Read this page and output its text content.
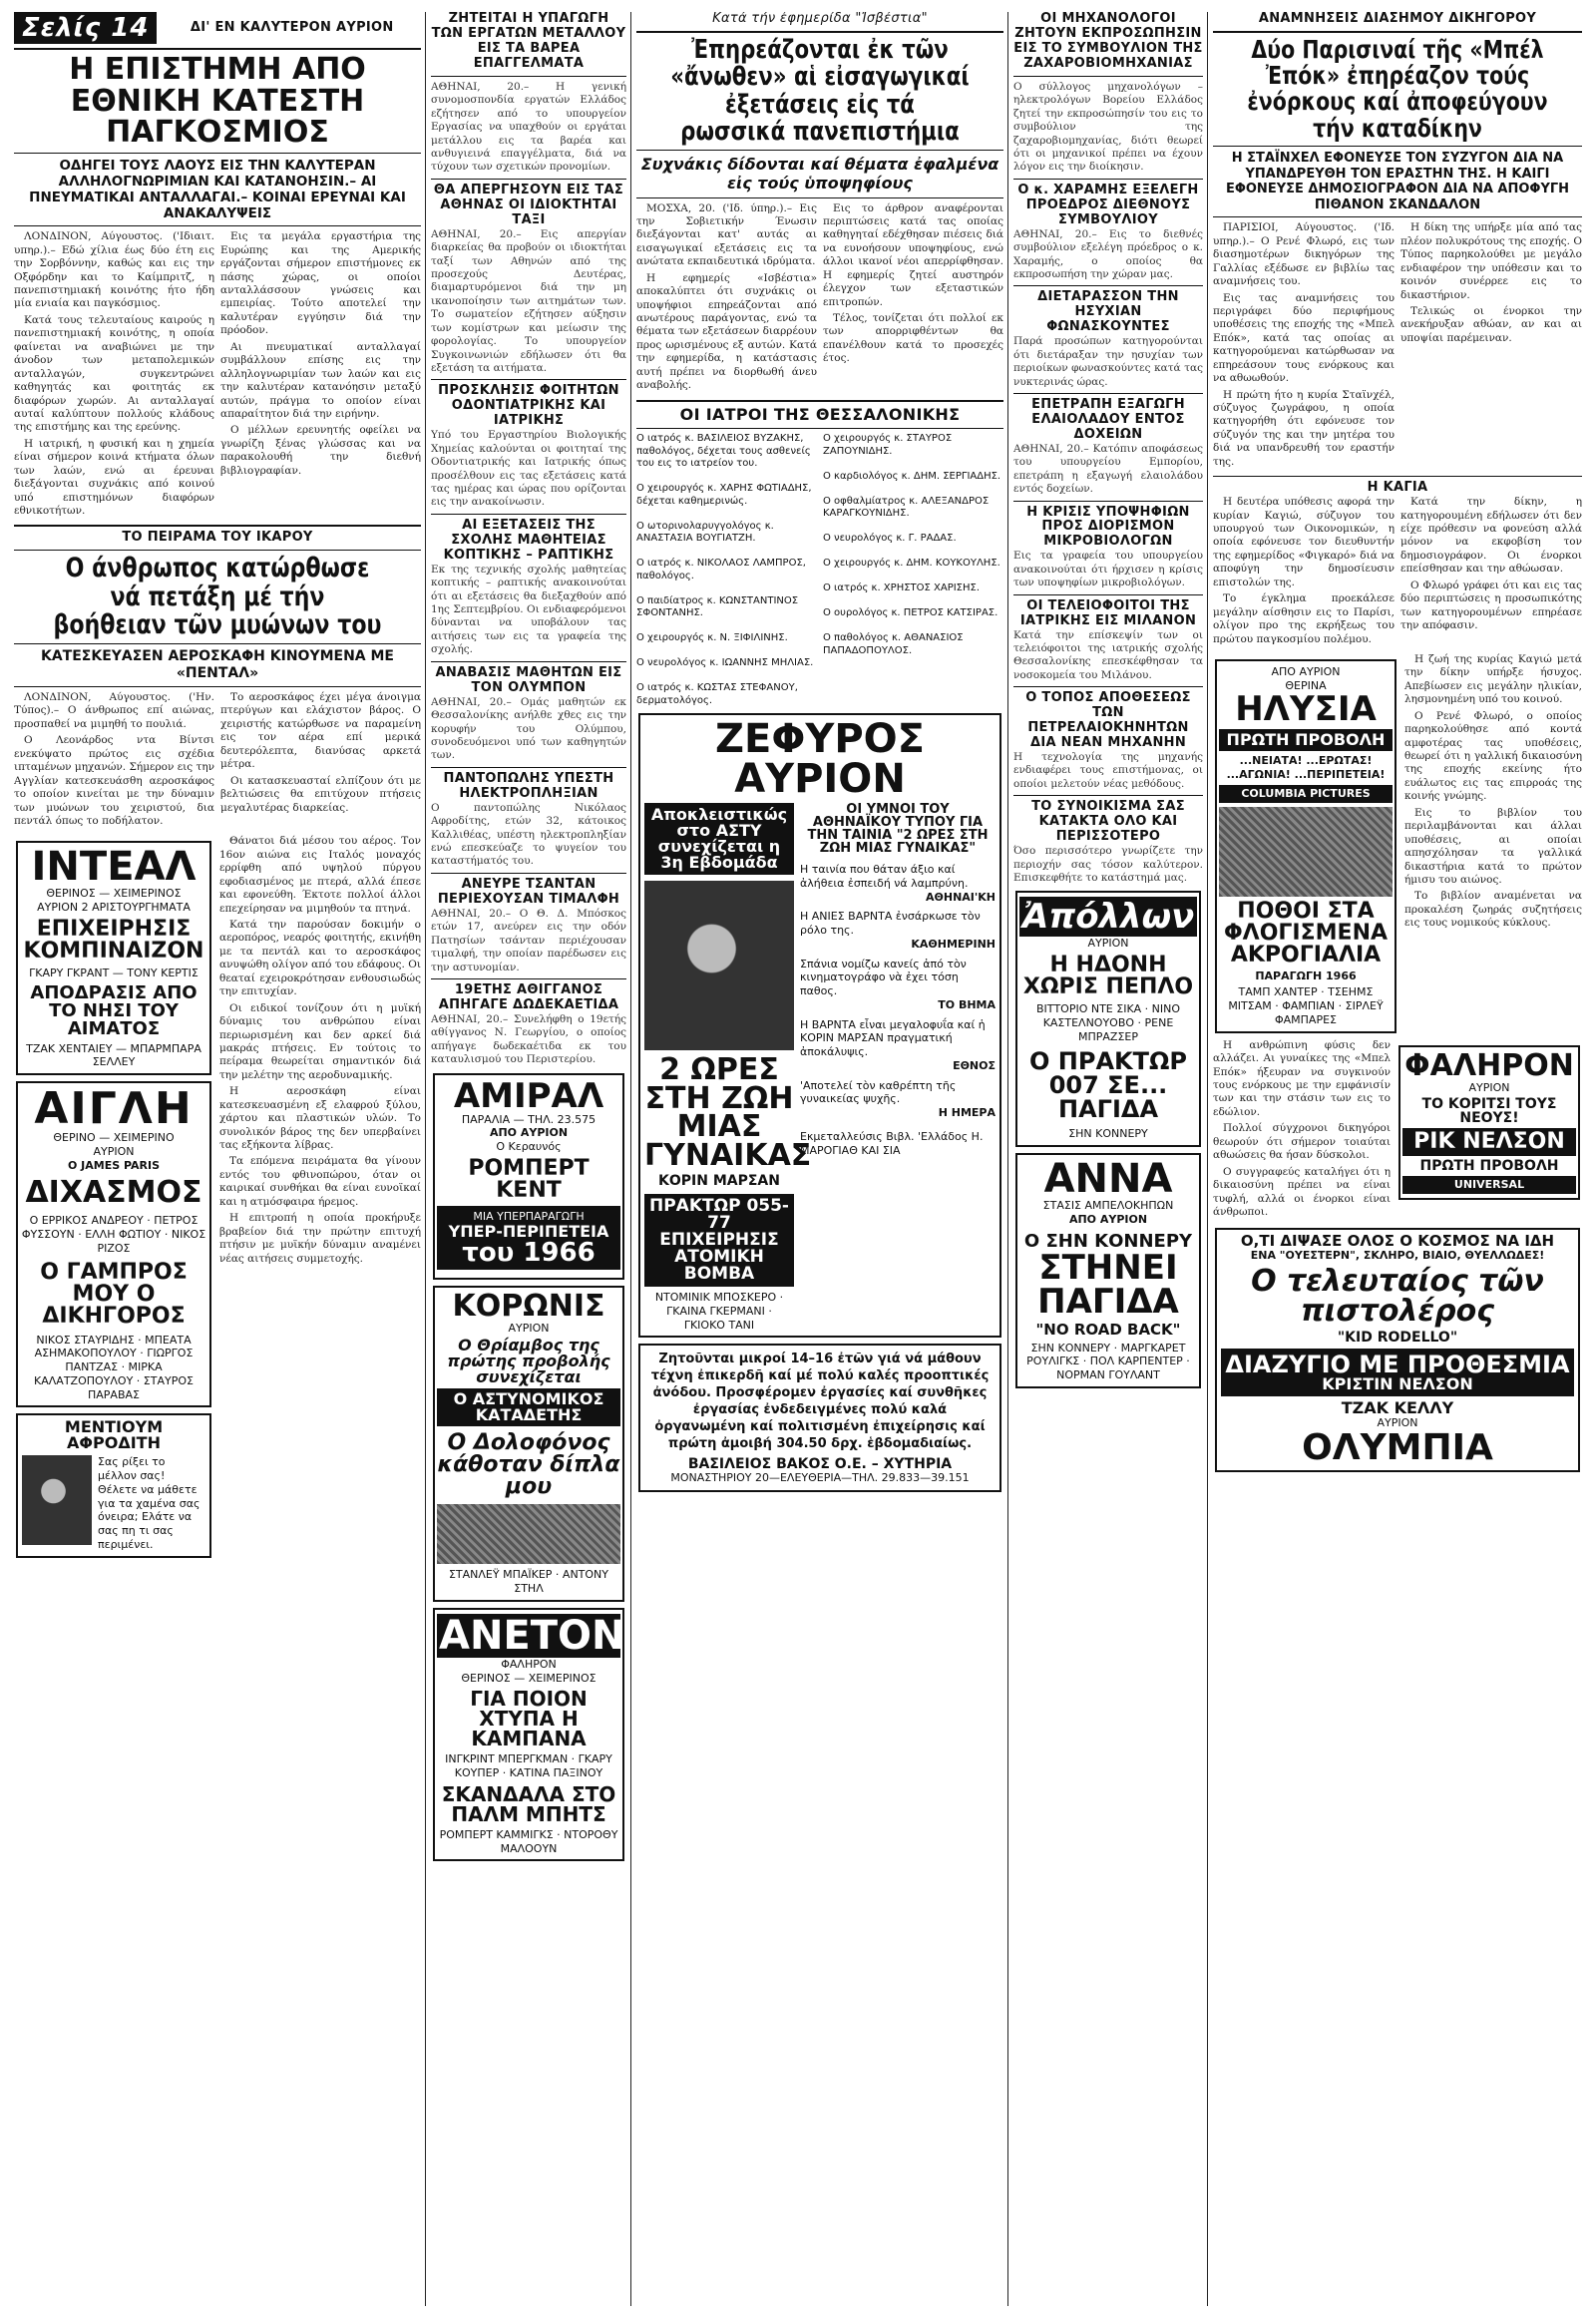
Σελίς 14	ΔΙ' ΕΝ ΚΑΛΥΤΕΡΟΝ ΑΥΡΙΟΝ
Η ΕΠΙΣΤΗΜΗ ΑΠΟ ΕΘΝΙΚΗ ΚΑΤΕΣΤΗ ΠΑΓΚΟΣΜΙΟΣ
ΟΔΗΓΕΙ ΤΟΥΣ ΛΑΟΥΣ ΕΙΣ ΤΗΝ ΚΑΛΥΤΕΡΑΝ ΑΛΛΗΛΟΓΝΩΡΙΜΙΑΝ ΚΑΙ ΚΑΤΑΝΟΗΣΙΝ.– ΑΙ ΠΝΕΥΜΑΤΙΚΑΙ ΑΝΤΑΛΛΑΓΑΙ.– ΚΟΙΝΑΙ ΕΡΕΥΝΑΙ ΚΑΙ ΑΝΑΚΑΛΥΨΕΙΣ

ΛΟΝΔΙΝΟΝ, Αύγουστος. ('Ιδιαιτ. υπηρ.).– Εδώ χίλια έως δύο έτη εις την Σορβόννην, καθώς και εις την Οξφόρδην και το Καίμπριτζ, η πανεπιστημιακή κοινότης ήτο ήδη μία ενιαία και παγκόσμιος.

Κατά τους τελευταίους καιρούς η πανεπιστημιακή κοινότης, η οποία φαίνεται να αναβιώνει με την άνοδον των μεταπολεμικών ανταλλαγών, συγκεντρώνει καθηγητάς και φοιτητάς εκ διαφόρων χωρών. Αι ανταλλαγαί αυταί καλύπτουν πολλούς κλάδους της επιστήμης και της ερεύνης.

Η ιατρική, η φυσική και η χημεία είναι σήμερον κοινά κτήματα όλων των λαών, ενώ αι έρευναι διεξάγονται συχνάκις από κοινού υπό επιστημόνων διαφόρων εθνικοτήτων.

Εις τα μεγάλα εργαστήρια της Ευρώπης και της Αμερικής εργάζονται σήμερον επιστήμονες εκ πάσης χώρας, οι οποίοι ανταλλάσσουν γνώσεις και εμπειρίας. Τούτο αποτελεί την καλυτέραν εγγύησιν διά την πρόοδον.

Αι πνευματικαί ανταλλαγαί συμβάλλουν επίσης εις την αλληλογνωριμίαν των λαών και εις την καλυτέραν κατανόησιν μεταξύ αυτών, πράγμα το οποίον είναι απαραίτητον διά την ειρήνην.

Ο μέλλων ερευνητής οφείλει να γνωρίζη ξένας γλώσσας και να παρακολουθή την διεθνή βιβλιογραφίαν.

ΤΟ ΠΕΙΡΑΜΑ ΤΟΥ ΙΚΑΡΟΥ
Ο άνθρωπος κατώρθωσε νά πετάξη μέ τήν βοήθειαν τῶν μυώνων του
ΚΑΤΕΣΚΕΥΑΣΕΝ ΑΕΡΟΣΚΑΦΗ ΚΙΝΟΥΜΕΝΑ ΜΕ «ΠΕΝΤΑΛ»

ΛΟΝΔΙΝΟΝ, Αύγουστος. ('Ην. Τύπος).– Ο άνθρωπος επί αιώνας, προσπαθεί να μιμηθή το πουλιά.

Ο Λεονάρδος ντα Βίντσι ενεκύψατο πρώτος εις σχέδια ιπταμένων μηχανών. Σήμερον εις την Αγγλίαν κατεσκευάσθη αεροσκάφος το οποίον κινείται με την δύναμιν των μυώνων του χειριστού, δια πεντάλ όπως το ποδήλατον.

Το αεροσκάφος έχει μέγα άνοιγμα πτερύγων και ελάχιστον βάρος. Ο χειριστής κατώρθωσε να παραμείνη εις τον αέρα επί μερικά δευτερόλεπτα, διανύσας αρκετά μέτρα.

Οι κατασκευασταί ελπίζουν ότι με βελτιώσεις θα επιτύχουν πτήσεις μεγαλυτέρας διαρκείας.

ΙΝΤΕΑΛ
ΘΕΡΙΝΟΣ — ΧΕΙΜΕΡΙΝΟΣ
ΑΥΡΙΟΝ 2 ΑΡΙΣΤΟΥΡΓΗΜΑΤΑ
ΕΠΙΧΕΙΡΗΣΙΣ ΚΟΜΠΙΝΑΙΖΟΝ
ΓΚΑΡΥ ΓΚΡΑΝΤ — ΤΟΝΥ ΚΕΡΤΙΣ
ΑΠΟΔΡΑΣΙΣ ΑΠΟ ΤΟ ΝΗΣΙ ΤΟΥ ΑΙΜΑΤΟΣ
ΤΖΑΚ ΧΕΝΤΑΙΕΥ — ΜΠΑΡΜΠΑΡΑ ΣΕΛΛΕΥ
ΑΙΓΛΗ
ΘΕΡΙΝΟ — ΧΕΙΜΕΡΙΝΟ
ΑΥΡΙΟΝ
Ο JAMES PARIS
ΔΙΧΑΣΜΟΣ
Ο ΕΡΡΙΚΟΣ ΑΝΔΡΕΟΥ · ΠΕΤΡΟΣ ΦΥΣΣΟΥΝ · ΕΛΛΗ ΦΩΤΙΟΥ · ΝΙΚΟΣ ΡΙΖΟΣ
Ο ΓΑΜΠΡΟΣ ΜΟΥ Ο ΔΙΚΗΓΟΡΟΣ
ΝΙΚΟΣ ΣΤΑΥΡΙΔΗΣ · ΜΠΕΑΤΑ ΑΣΗΜΑΚΟΠΟΥΛΟΥ · ΓΙΩΡΓΟΣ ΠΑΝΤΖΑΣ · ΜΙΡΚΑ ΚΑΛΑΤΖΟΠΟΥΛΟΥ · ΣΤΑΥΡΟΣ ΠΑΡΑΒΑΣ
ΜΕΝΤΙΟΥΜ ΑΦΡΟΔΙΤΗ
Σας ρίξει το μέλλον σας! Θέλετε να μάθετε για τα χαμένα σας όνειρα; Ελάτε να σας πη τι σας περιμένει.

Θάνατοι διά μέσου του αέρος. Τον 16ον αιώνα εις Ιταλός μοναχός ερρίφθη από υψηλού πύργου εφοδιασμένος με πτερά, αλλά έπεσε και εφονεύθη. Έκτοτε πολλοί άλλοι επεχείρησαν να μιμηθούν τα πτηνά.

Κατά την παρούσαν δοκιμήν ο αεροπόρος, νεαρός φοιτητής, εκινήθη με τα πεντάλ και το αεροσκάφος ανυψώθη ολίγον από του εδάφους. Οι θεαταί εχειροκρότησαν ενθουσιωδώς την επιτυχίαν.

Οι ειδικοί τονίζουν ότι η μυϊκή δύναμις του ανθρώπου είναι περιωρισμένη και δεν αρκεί διά μακράς πτήσεις. Εν τούτοις το πείραμα θεωρείται σημαντικόν διά την μελέτην της αεροδυναμικής.

Η αεροσκάφη είναι κατεσκευασμένη εξ ελαφρού ξύλου, χάρτου και πλαστικών υλών. Το συνολικόν βάρος της δεν υπερβαίνει τας εξήκοντα λίβρας.

Τα επόμενα πειράματα θα γίνουν εντός του φθινοπώρου, όταν οι καιρικαί συνθήκαι θα είναι ευνοϊκαί και η ατμόσφαιρα ήρεμος.

Η επιτροπή η οποία προκήρυξε βραβείον διά την πρώτην επιτυχή πτήσιν με μυϊκήν δύναμιν αναμένει νέας αιτήσεις συμμετοχής.

ΖΗΤΕΙΤΑΙ Η ΥΠΑΓΩΓΗ ΤΩΝ ΕΡΓΑΤΩΝ ΜΕΤΑΛΛΟΥ ΕΙΣ ΤΑ ΒΑΡΕΑ ΕΠΑΓΓΕΛΜΑΤΑ
ΑΘΗΝΑΙ, 20.– Η γενική συνομοσπονδία εργατών Ελλάδος εζήτησεν από το υπουργείον Εργασίας να υπαχθούν οι εργάται μετάλλου εις τα βαρέα και ανθυγιεινά επαγγέλματα, διά να τύχουν των σχετικών προνομίων.
ΘΑ ΑΠΕΡΓΗΣΟΥΝ ΕΙΣ ΤΑΣ ΑΘΗΝΑΣ ΟΙ ΙΔΙΟΚΤΗΤΑΙ ΤΑΞΙ
ΑΘΗΝΑΙ, 20.– Εις απεργίαν διαρκείας θα προβούν οι ιδιοκτήται ταξί των Αθηνών από της προσεχούς Δευτέρας, διαμαρτυρόμενοι διά την μη ικανοποίησιν των αιτημάτων των. Το σωματείον εζήτησεν αύξησιν των κομίστρων και μείωσιν της φορολογίας. Το υπουργείον Συγκοινωνιών εδήλωσεν ότι θα εξετάση τα αιτήματα.
ΠΡΟΣΚΛΗΣΙΣ ΦΟΙΤΗΤΩΝ ΟΔΟΝΤΙΑΤΡΙΚΗΣ ΚΑΙ ΙΑΤΡΙΚΗΣ
Υπό του Εργαστηρίου Βιολογικής Χημείας καλούνται οι φοιτηταί της Οδοντιατρικής και Ιατρικής όπως προσέλθουν εις τας εξετάσεις κατά τας ημέρας και ώρας που ορίζονται εις την ανακοίνωσιν.
ΑΙ ΕΞΕΤΑΣΕΙΣ ΤΗΣ ΣΧΟΛΗΣ ΜΑΘΗΤΕΙΑΣ ΚΟΠΤΙΚΗΣ – ΡΑΠΤΙΚΗΣ
Εκ της τεχνικής σχολής μαθητείας κοπτικής – ραπτικής ανακοινούται ότι αι εξετάσεις θα διεξαχθούν από 1ης Σεπτεμβρίου. Οι ενδιαφερόμενοι δύνανται να υποβάλουν τας αιτήσεις των εις τα γραφεία της σχολής.
ΑΝΑΒΑΣΙΣ ΜΑΘΗΤΩΝ ΕΙΣ ΤΟΝ ΟΛΥΜΠΟΝ
ΑΘΗΝΑΙ, 20.– Ομάς μαθητών εκ Θεσσαλονίκης ανήλθε χθες εις την κορυφήν του Ολύμπου, συνοδευόμενοι υπό των καθηγητών των.
ΠΑΝΤΟΠΩΛΗΣ ΥΠΕΣΤΗ ΗΛΕΚΤΡΟΠΛΗΞΙΑΝ
Ο παντοπώλης Νικόλαος Αφροδίτης, ετών 32, κάτοικος Καλλιθέας, υπέστη ηλεκτροπληξίαν ενώ επεσκεύαζε το ψυγείον του καταστήματός του.
ΑΝΕΥΡΕ ΤΣΑΝΤΑΝ ΠΕΡΙΕΧΟΥΣΑΝ ΤΙΜΑΛΦΗ
ΑΘΗΝΑΙ, 20.– Ο Θ. Δ. Μπόσκος ετών 17, ανεύρεν εις την οδόν Πατησίων τσάνταν περιέχουσαν τιμαλφή, την οποίαν παρέδωσεν εις την αστυνομίαν.
19ΕΤΗΣ ΑΘΙΓΓΑΝΟΣ ΑΠΗΓΑΓΕ ΔΩΔΕΚΑΕΤΙΔΑ
ΑΘΗΝΑΙ, 20.– Συνελήφθη ο 19ετής αθίγγανος Ν. Γεωργίου, ο οποίος απήγαγε δωδεκαέτιδα εκ του καταυλισμού του Περιστερίου.
ΑΜΙΡΑΛ
ΠΑΡΑΛΙΑ — ΤΗΛ. 23.575
ΑΠΟ ΑΥΡΙΟΝ
Ο Κεραυνός
ΡΟΜΠΕΡΤ ΚΕΝΤ
ΜΙΑ ΥΠΕΡΠΑΡΑΓΩΓΗ
ΥΠΕΡ-ΠΕΡΙΠΕΤΕΙΑ
του 1966
ΚΟΡΩΝΙΣ
ΑΥΡΙΟΝ
Ο Θρίαμβος της πρώτης προβολής συνεχίζεται
Ο ΑΣΤΥΝΟΜΙΚΟΣ ΚΑΤΑΔΕΤΗΣ
Ο Δολοφόνος κάθοταν δίπλα μου
ΣΤΑΝΛΕΫ ΜΠΑΪΚΕΡ · ΑΝΤΟΝΥ ΣΤΗΛ
ΑΝΕΤΟΝ
ΦΑΛΗΡΟΝ
ΘΕΡΙΝΟΣ — ΧΕΙΜΕΡΙΝΟΣ
ΓΙΑ ΠΟΙΟΝ ΧΤΥΠΑ Η ΚΑΜΠΑΝΑ
ΙΝΓΚΡΙΝΤ ΜΠΕΡΓΚΜΑΝ · ΓΚΑΡΥ ΚΟΥΠΕΡ · ΚΑΤΙΝΑ ΠΑΞΙΝΟΥ
ΣΚΑΝΔΑΛΑ ΣΤΟ ΠΑΛΜ ΜΠΗΤΣ
ΡΟΜΠΕΡΤ ΚΑΜΜΙΓΚΣ · ΝΤΟΡΟΘΥ ΜΑΛΟΟΥΝ
Κατά τήν ἐφημερίδα "Ἰσβέστια"
Ἐπηρεάζονται ἐκ τῶν «ἄνωθεν» αἱ εἰσαγωγικαί ἐξετάσεις εἰς τά ρωσσικά πανεπιστήμια
Συχνάκις δίδονται καί θέματα ἐφαλμένα εἰς τούς ὑποψηφίους

ΜΟΣΧΑ, 20. ('Ιδ. ύπηρ.).– Εις την Σοβιετικήν Ένωσιν διεξάγονται κατ' αυτάς αι εισαγωγικαί εξετάσεις εις τα ανώτατα εκπαιδευτικά ιδρύματα.

Η εφημερίς «Ισβέστια» αποκαλύπτει ότι συχνάκις οι υποψήφιοι επηρεάζονται από ανωτέρους παράγοντας, ενώ τα θέματα των εξετάσεων διαρρέουν προς ωρισμένους εξ αυτών. Κατά την εφημερίδα, η κατάστασις αυτή πρέπει να διορθωθή άνευ αναβολής.

Εις το άρθρον αναφέρονται περιπτώσεις κατά τας οποίας καθηγηταί εδέχθησαν πιέσεις διά να ευνοήσουν υποψηφίους, ενώ άλλοι ικανοί νέοι απερρίφθησαν. Η εφημερίς ζητεί αυστηρόν έλεγχον των εξεταστικών επιτροπών.

Τέλος, τονίζεται ότι πολλοί εκ των απορριφθέντων θα επανέλθουν κατά το προσεχές έτος.

ΟΙ ΙΑΤΡΟΙ ΤΗΣ ΘΕΣΣΑΛΟΝΙΚΗΣ
Ο ιατρός κ. ΒΑΣΙΛΕΙΟΣ ΒΥΖΑΚΗΣ, παθολόγος, δέχεται τους ασθενείς του εις το ιατρείον του.

Ο χειρουργός κ. ΧΑΡΗΣ ΦΩΤΙΑΔΗΣ, δέχεται καθημερινώς.

Ο ωτορινολαρυγγολόγος κ. ΑΝΑΣΤΑΣΙΑ ΒΟΥΓΙΑΤΖΗ.

Ο ιατρός κ. ΝΙΚΟΛΑΟΣ ΛΑΜΠΡΟΣ, παθολόγος.

Ο παιδίατρος κ. ΚΩΝΣΤΑΝΤΙΝΟΣ ΣΦΟΝΤΑΝΗΣ.

Ο χειρουργός κ. Ν. ΞΙΦΙΛΙΝΗΣ.

Ο νευρολόγος κ. ΙΩΑΝΝΗΣ ΜΗΛΙΑΣ.

Ο ιατρός κ. ΚΩΣΤΑΣ ΣΤΕΦΑΝΟΥ, δερματολόγος.
Ο χειρουργός κ. ΣΤΑΥΡΟΣ ΖΑΠΟΥΝΙΔΗΣ.

Ο καρδιολόγος κ. ΔΗΜ. ΣΕΡΓΙΑΔΗΣ.

Ο οφθαλμίατρος κ. ΑΛΕΞΑΝΔΡΟΣ ΚΑΡΑΓΚΟΥΝΙΔΗΣ.

Ο νευρολόγος κ. Γ. ΡΑΔΑΣ.

Ο χειρουργός κ. ΔΗΜ. ΚΟΥΚΟΥΛΗΣ.

Ο ιατρός κ. ΧΡΗΣΤΟΣ ΧΑΡΙΣΗΣ.

Ο ουρολόγος κ. ΠΕΤΡΟΣ ΚΑΤΣΙΡΑΣ.

Ο παθολόγος κ. ΑΘΑΝΑΣΙΟΣ ΠΑΠΑΔΟΠΟΥΛΟΣ.
ΖΕΦΥΡΟΣ ΑΥΡΙΟΝ
Αποκλειστικώς στο ΑΣΤΥ συνεχίζεται η 3η Εβδομάδα
2 ΩΡΕΣ ΣΤΗ ΖΩΗ ΜΙΑΣ ΓΥΝΑΙΚΑΣ
ΚΟΡΙΝ ΜΑΡΣΑΝ
ΠΡΑΚΤΩΡ 055-77 ΕΠΙΧΕΙΡΗΣΙΣ ΑΤΟΜΙΚΗ ΒΟΜΒΑ
ΝΤΟΜΙΝΙΚ ΜΠΟΣΚΕΡΟ · ΓΚΑΙΝΑ ΓΚΕΡΜΑΝΙ · ΓΚΙΟΚΟ ΤΑΝΙ
ΟΙ ΥΜΝΟΙ ΤΟΥ ΑΘΗΝΑΪΚΟΥ ΤΥΠΟΥ ΓΙΑ ΤΗΝ ΤΑΙΝΙΑ "2 ΩΡΕΣ ΣΤΗ ΖΩΗ ΜΙΑΣ ΓΥΝΑΙΚΑΣ"
Η ταινία που θάταν άξιο καί ἀλήθεια ἐσπειδή νά λαμπρύνη.
ΑΘΗΝΑΙ'ΚΗ
Η ΑΝΙΕΣ ΒΑΡΝΤΑ ἐνσάρκωσε τὸν ρόλο της.
ΚΑΘΗΜΕΡΙΝΗ
Σπάνια νομίζω κανείς ἀπό τὸν κινηματογράφο νὰ ἐχει τόση παθος.
ΤΟ ΒΗΜΑ
Η ΒΑΡΝΤΑ εἶναι μεγαλοφυΐα καί ἡ ΚΟΡΙΝ ΜΑΡΣΑΝ πραγματική ἀποκάλυψις.
ΕΘΝΟΣ
'Αποτελεί τὸν καθρέπτη τῆς γυναικείας ψυχῆς.
Η ΗΜΕΡΑ
Εκμεταλλεύσις Βιβλ. 'Ελλάδος Η. ΜΑΡΟΓΙΑΘ ΚΑΙ ΣΙΑ
Ζητοῦνται μικροί 14–16 ἐτῶν γιά νά μάθουν τέχνη ἐπικερδῆ καί μέ πολύ καλές προοπτικές ἀνόδου. Προσφέρομεν ἐργασίες καί συνθῆκες ἐργασίας ἐνδεδειγμένες πολύ καλά ὀργανωμένη καί πολιτισμένη ἐπιχείρησις καί πρώτη ἀμοιβή 304.50 δρχ. ἑβδομαδιαίως.
ΒΑΣΙΛΕΙΟΣ ΒΑΚΟΣ Ο.Ε. – ΧΥΤΗΡΙΑ
ΜΟΝΑΣΤΗΡΙΟΥ 20—ΕΛΕΥΘΕΡΙΑ—ΤΗΛ. 29.833—39.151
ΟΙ ΜΗΧΑΝΟΛΟΓΟΙ ΖΗΤΟΥΝ ΕΚΠΡΟΣΩΠΗΣΙΝ ΕΙΣ ΤΟ ΣΥΜΒΟΥΛΙΟΝ ΤΗΣ ΖΑΧΑΡΟΒΙΟΜΗΧΑΝΙΑΣ
Ο σύλλογος μηχανολόγων – ηλεκτρολόγων Βορείου Ελλάδος ζητεί την εκπροσώπησίν του εις το συμβούλιον της ζαχαροβιομηχανίας, διότι θεωρεί ότι οι μηχανικοί πρέπει να έχουν λόγον εις την διοίκησιν.
Ο κ. ΧΑΡΑΜΗΣ ΕΞΕΛΕΓΗ ΠΡΟΕΔΡΟΣ ΔΙΕΘΝΟΥΣ ΣΥΜΒΟΥΛΙΟΥ
ΑΘΗΝΑΙ, 20.– Εις το διεθνές συμβούλιον εξελέγη πρόεδρος ο κ. Χαραμής, ο οποίος θα εκπροσωπήση την χώραν μας.
ΔΙΕΤΑΡΑΣΣΟΝ ΤΗΝ ΗΣΥΧΙΑΝ ΦΩΝΑΣΚΟΥΝΤΕΣ
Παρά προσώπων κατηγορούνται ότι διετάραξαν την ησυχίαν των περιοίκων φωνασκούντες κατά τας νυκτερινάς ώρας.
ΕΠΕΤΡΑΠΗ ΕΞΑΓΩΓΗ ΕΛΑΙΟΛΑΔΟΥ ΕΝΤΟΣ ΔΟΧΕΙΩΝ
ΑΘΗΝΑΙ, 20.– Κατόπιν αποφάσεως του υπουργείου Εμπορίου, επετράπη η εξαγωγή ελαιολάδου εντός δοχείων.
Η ΚΡΙΣΙΣ ΥΠΟΨΗΦΙΩΝ ΠΡΟΣ ΔΙΟΡΙΣΜΟΝ ΜΙΚΡΟΒΙΟΛΟΓΩΝ
Εις τα γραφεία του υπουργείου ανακοινούται ότι ήρχισεν η κρίσις των υποψηφίων μικροβιολόγων.
ΟΙ ΤΕΛΕΙΟΦΟΙΤΟΙ ΤΗΣ ΙΑΤΡΙΚΗΣ ΕΙΣ ΜΙΛΑΝΟΝ
Κατά την επίσκεψίν των οι τελειόφοιτοι της ιατρικής σχολής Θεσσαλονίκης επεσκέφθησαν τα νοσοκομεία του Μιλάνου.
Ο ΤΟΠΟΣ ΑΠΟΘΕΣΕΩΣ ΤΩΝ ΠΕΤΡΕΛΑΙΟΚΗΝΗΤΩΝ ΔΙΑ ΝΕΑΝ ΜΗΧΑΝΗΝ
Η τεχνολογία της μηχανής ενδιαφέρει τους επιστήμονας, οι οποίοι μελετούν νέας μεθόδους.
ΤΟ ΣΥΝΟΙΚΙΣΜΑ ΣΑΣ ΚΑΤΑΚΤΑ ΟΛΟ ΚΑΙ ΠΕΡΙΣΣΟΤΕΡΟ
Όσο περισσότερο γνωρίζετε την περιοχήν σας τόσον καλύτερον. Επισκεφθήτε το κατάστημά μας.
Ἀπόλλων
ΑΥΡΙΟΝ
Η ΗΔΟΝΗ ΧΩΡΙΣ ΠΕΠΛΟ
ΒΙΤΤΟΡΙΟ ΝΤΕ ΣΙΚΑ · ΝΙΝΟ ΚΑΣΤΕΛΝΟΥΟΒΟ · ΡΕΝΕ ΜΠΡΑΖΣΕΡ
Ο ΠΡΑΚΤΩΡ 007 ΣΕ... ΠΑΓΙΔΑ
ΣΗΝ ΚΟΝΝΕΡΥ
ΑΝΝΑ
ΣΤΑΣΙΣ ΑΜΠΕΛΟΚΗΠΩΝ
ΑΠΟ ΑΥΡΙΟΝ
Ο ΣΗΝ ΚΟΝΝΕΡΥ
ΣΤΗΝΕΙ ΠΑΓΙΔΑ
"NO ROAD BACK"
ΣΗΝ ΚΟΝΝΕΡΥ · ΜΑΡΓΚΑΡΕΤ ΡΟΥΛΙΓΚΣ · ΠΟΛ ΚΑΡΠΕΝΤΕΡ · ΝΟΡΜΑΝ ΓΟΥΛΑΝΤ
ΑΝΑΜΝΗΣΕΙΣ ΔΙΑΣΗΜΟΥ ΔΙΚΗΓΟΡΟΥ
Δύο Παρισιναί τῆς «Μπέλ Ἐπόκ» ἐπηρέαζον τούς ἐνόρκους καί ἀποφεύγουν τήν καταδίκην
Η ΣΤΑΪΝΧΕΛ ΕΦΟΝΕΥΣΕ ΤΟΝ ΣΥΖΥΓΟΝ ΔΙΑ ΝΑ ΥΠΑΝΔΡΕΥΘΗ ΤΟΝ ΕΡΑΣΤΗΝ ΤΗΣ. Η ΚΑΙΓΙ ΕΦΟΝΕΥΣΕ ΔΗΜΟΣΙΟΓΡΑΦΟΝ ΔΙΑ ΝΑ ΑΠΟΦΥΓΗ ΠΙΘΑΝΟΝ ΣΚΑΝΔΑΛΟΝ

ΠΑΡΙΣΙΟΙ, Αύγουστος. ('Ιδ. υπηρ.).– Ο Ρενέ Φλωρό, εις των διασημοτέρων δικηγόρων της Γαλλίας εξέδωσε εν βιβλίω τας αναμνήσεις του.

Εις τας αναμνήσεις του περιγράφει δύο περιφήμους υποθέσεις της εποχής της «Μπελ Επόκ», κατά τας οποίας αι κατηγορούμεναι κατώρθωσαν να επηρεάσουν τους ενόρκους και να αθωωθούν.

Η πρώτη ήτο η κυρία Σταϊνχέλ, σύζυγος ζωγράφου, η οποία κατηγορήθη ότι εφόνευσε τον σύζυγόν της και την μητέρα του διά να υπανδρευθή τον εραστήν της.

Η δίκη της υπήρξε μία από τας πλέον πολυκρότους της εποχής. Ο Τύπος παρηκολούθει με μεγάλο ενδιαφέρον την υπόθεσιν και το κοινόν συνέρρεε εις το δικαστήριον.

Τελικώς οι ένορκοι την ανεκήρυξαν αθώαν, αν και αι υποψίαι παρέμειναν.

Η ΚΑΓΙΑ

Η δευτέρα υπόθεσις αφορά την κυρίαν Καγιώ, σύζυγον του υπουργού των Οικονομικών, η οποία εφόνευσε τον διευθυντήν της εφημερίδος «Φιγκαρό» διά να αποφύγη την δημοσίευσιν επιστολών της.

Το έγκλημα προεκάλεσε μεγάλην αίσθησιν εις το Παρίσι, ολίγον προ της εκρήξεως του πρώτου παγκοσμίου πολέμου.

Κατά την δίκην, η κατηγορουμένη εδήλωσεν ότι δεν είχε πρόθεσιν να φονεύση αλλά μόνον να εκφοβίση τον δημοσιογράφον. Οι ένορκοι επείσθησαν και την αθώωσαν.

Ο Φλωρό γράφει ότι και εις τας δύο περιπτώσεις η προσωπικότης των κατηγορουμένων επηρέασε την απόφασιν.

ΑΠΟ ΑΥΡΙΟΝ
ΘΕΡΙΝΑ
ΗΛΥΣΙΑ
ΠΡΩΤΗ ΠΡΟΒΟΛΗ
...ΝΕΙΑΤΑ! ...ΕΡΩΤΑΣ! ...ΑΓΩΝΙΑ! ...ΠΕΡΙΠΕΤΕΙΑ!
COLUMBIA PICTURES
ΠΟΘΟΙ ΣΤΑ ΦΛΟΓΙΣΜΕΝΑ ΑΚΡΟΓΙΑΛΙΑ
ΠΑΡΑΓΩΓΗ 1966
ΤΑΜΠ ΧΑΝΤΕΡ · ΤΣΕΗΜΣ ΜΙΤΣΑΜ · ΦΑΜΠΙΑΝ · ΣΙΡΛΕΫ ΦΑΜΠΑΡΕΣ

Η ζωή της κυρίας Καγιώ μετά την δίκην υπήρξε ήσυχος. Απεβίωσεν εις μεγάλην ηλικίαν, λησμονημένη υπό του κοινού.

Ο Ρενέ Φλωρό, ο οποίος παρηκολούθησε από κοντά αμφοτέρας τας υποθέσεις, θεωρεί ότι η γαλλική δικαιοσύνη της εποχής εκείνης ήτο ευάλωτος εις τας επιρροάς της κοινής γνώμης.

Εις το βιβλίον του περιλαμβάνονται και άλλαι υποθέσεις, αι οποίαι απησχόλησαν τα γαλλικά δικαστήρια κατά το πρώτον ήμισυ του αιώνος.

Το βιβλίον αναμένεται να προκαλέση ζωηράς συζητήσεις εις τους νομικούς κύκλους.

Η ανθρώπινη φύσις δεν αλλάζει. Αι γυναίκες της «Μπελ Επόκ» ήξευραν να συγκινούν τους ενόρκους με την εμφάνισίν των και την στάσιν των εις το εδώλιον.

Πολλοί σύγχρονοι δικηγόροι θεωρούν ότι σήμερον τοιαύται αθωώσεις θα ήσαν δύσκολοι.

Ο συγγραφεύς καταλήγει ότι η δικαιοσύνη πρέπει να είναι τυφλή, αλλά οι ένορκοι είναι άνθρωποι.

ΦΑΛΗΡΟΝ
ΑΥΡΙΟΝ
ΤΟ ΚΟΡΙΤΣΙ ΤΟΥΣ ΝΕΟΥΣ!
ΡΙΚ ΝΕΛΣΟΝ
ΠΡΩΤΗ ΠΡΟΒΟΛΗ
UNIVERSAL
Ο,ΤΙ ΔΙΨΑΣΕ ΟΛΟΣ Ο ΚΟΣΜΟΣ ΝΑ ΙΔΗ
ΕΝΑ "ΟΥΕΣΤΕΡΝ", ΣΚΛΗΡΟ, ΒΙΑΙΟ, ΘΥΕΛΛΩΔΕΣ!
Ο τελευταίος τῶν πιστολέρος
"KID RODELLO"
ΔΙΑΖΥΓΙΟ ΜΕ ΠΡΟΘΕΣΜΙΑ
ΚΡΙΣΤΙΝ ΝΕΛΣΟΝ
ΤΖΑΚ ΚΕΛΛΥ
ΑΥΡΙΟΝ
ΟΛΥΜΠΙΑ
